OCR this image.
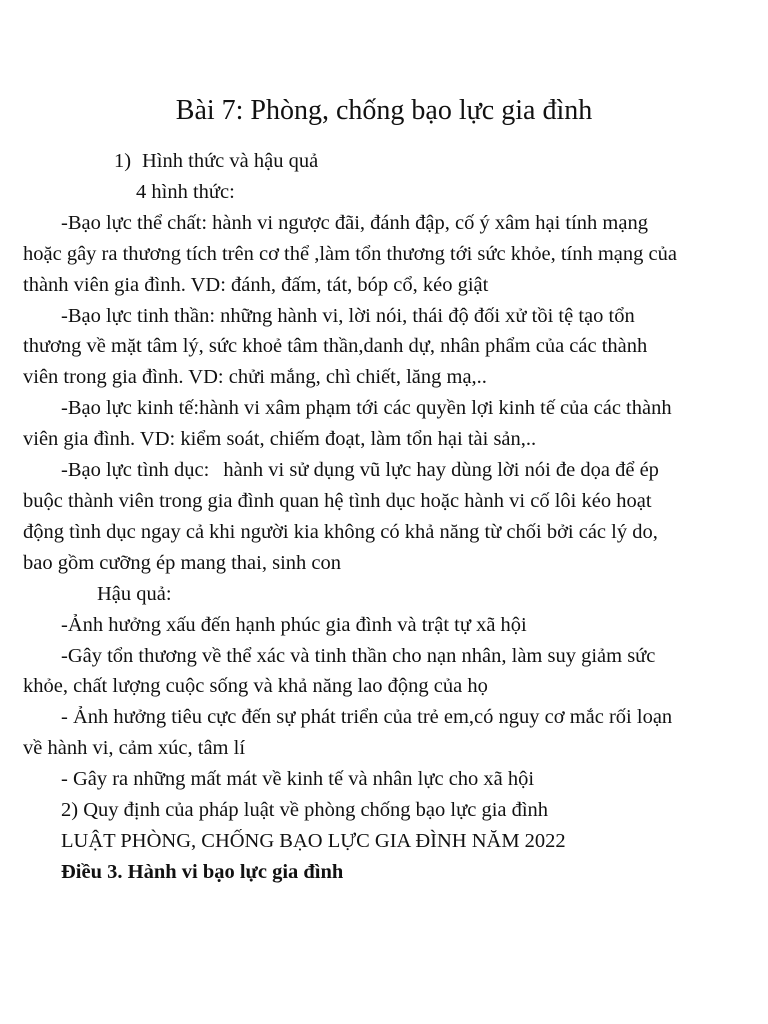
Bài 7: Phòng, chống bạo lực gia đình

1) Hình thức và hậu quả

4 hình thức:

-Bạo lực thể chất: hành vi ngược đãi, đánh đập, cố ý xâm hại tính mạng hoặc gây ra thương tích trên cơ thể ,làm tổn thương tới sức khỏe, tính mạng của thành viên gia đình. VD: đánh, đấm, tát, bóp cổ, kéo giật

-Bạo lực tinh thần: những hành vi, lời nói, thái độ đối xử tồi tệ tạo tổn thương về mặt tâm lý, sức khoẻ tâm thần,danh dự, nhân phẩm của các thành viên trong gia đình. VD: chửi mắng, chì chiết, lăng mạ,..

-Bạo lực kinh tế:hành vi xâm phạm tới các quyền lợi kinh tế của các thành viên gia đình. VD: kiểm soát, chiếm đoạt, làm tổn hại tài sản,..

-Bạo lực tình dục: hành vi sử dụng vũ lực hay dùng lời nói đe dọa để ép buộc thành viên trong gia đình quan hệ tình dục hoặc hành vi cố lôi kéo hoạt động tình dục ngay cả khi người kia không có khả năng từ chối bởi các lý do, bao gồm cưỡng ép mang thai, sinh con

Hậu quả:

-Ảnh hưởng xấu đến hạnh phúc gia đình và trật tự xã hội

-Gây tổn thương về thể xác và tinh thần cho nạn nhân, làm suy giảm sức khỏe, chất lượng cuộc sống và khả năng lao động của họ

- Ảnh hưởng tiêu cực đến sự phát triển của trẻ em,có nguy cơ mắc rối loạn về hành vi, cảm xúc, tâm lí

- Gây ra những mất mát về kinh tế và nhân lực cho xã hội

2) Quy định của pháp luật về phòng chống bạo lực gia đình

LUẬT PHÒNG, CHỐNG BẠO LỰC GIA ĐÌNH NĂM 2022

Điều 3. Hành vi bạo lực gia đình
